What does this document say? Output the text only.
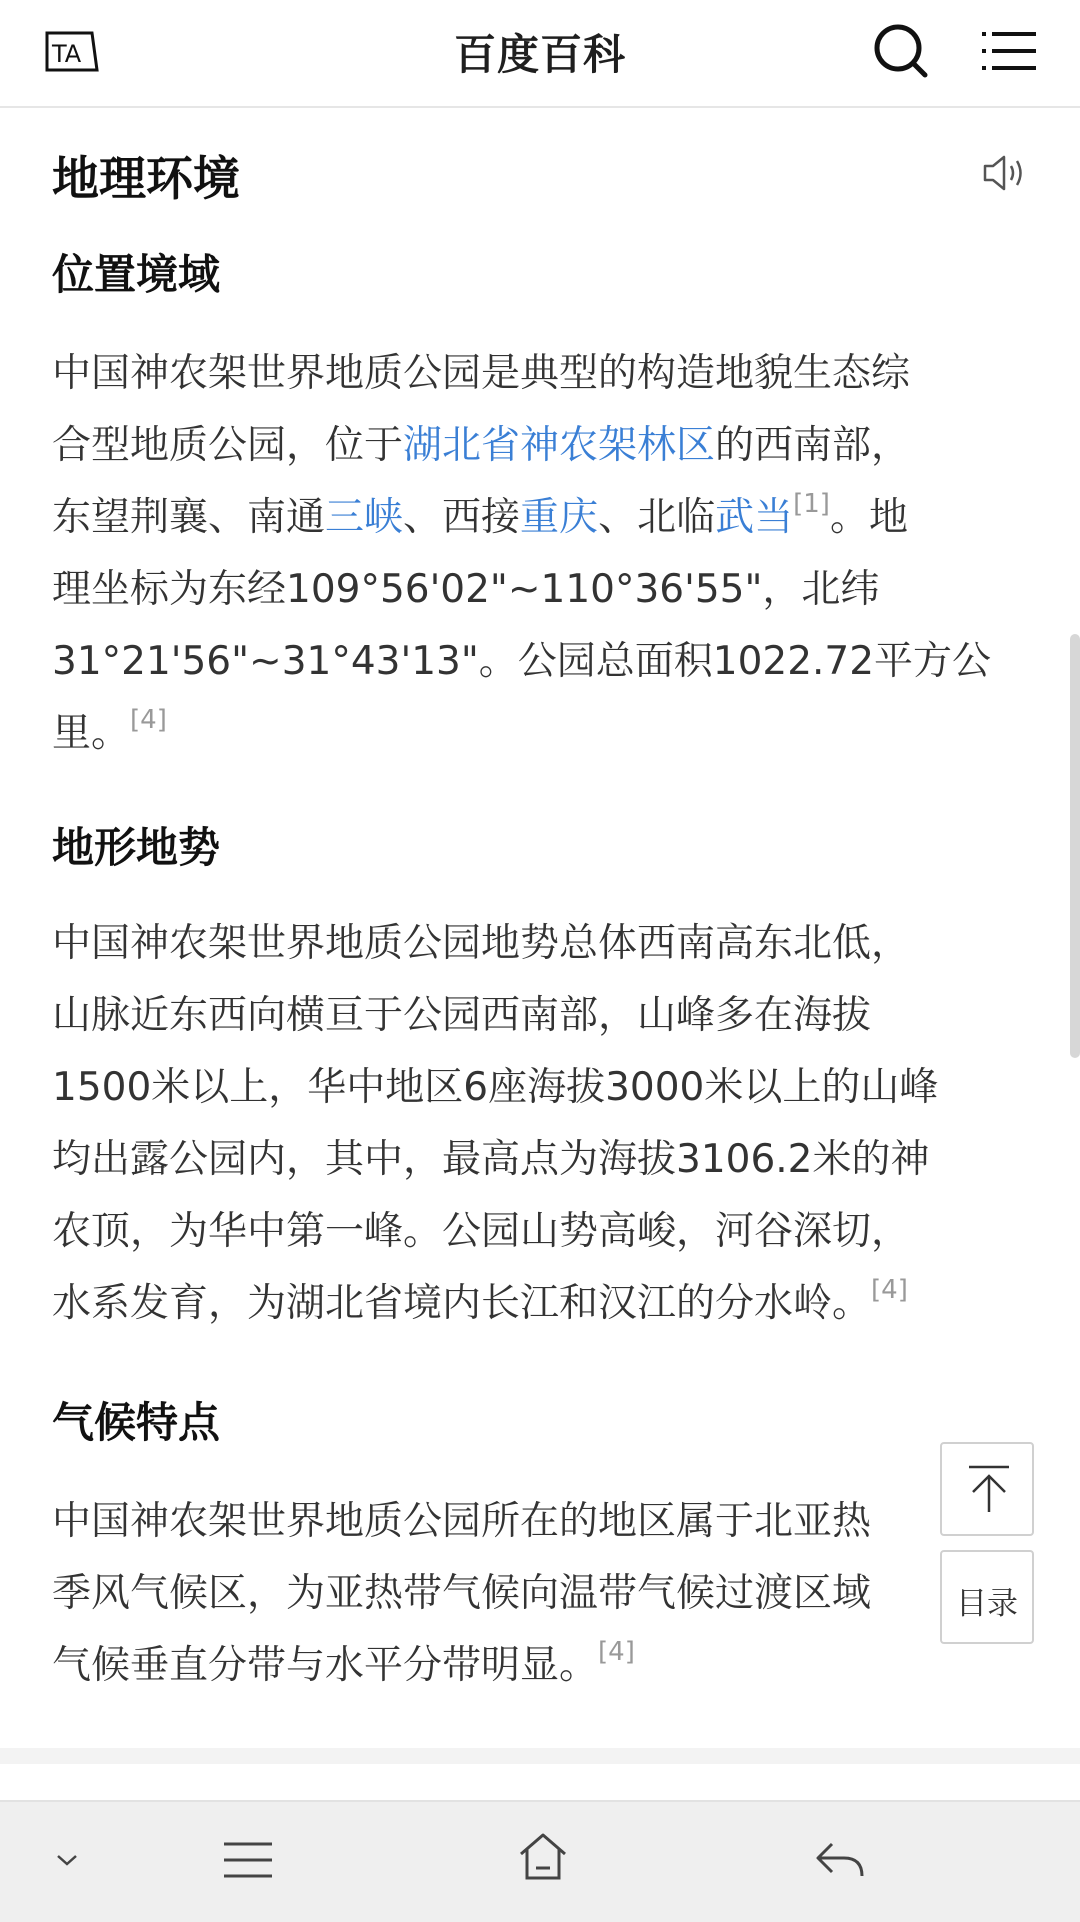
TA	百度百科
地理环境
位置境域
中国神农架世界地质公园是典型的构造地貌生态综
合型地质公园，位于湖北省神农架林区的西南部，
东望荆襄、南通三峡、西接重庆、北临武当[1]。地
理坐标为东经109°56'02"~110°36'55"，北纬
31°21'56"~31°43'13"。公园总面积1022.72平方公
里。[4]
地形地势
中国神农架世界地质公园地势总体西南高东北低，
山脉近东西向横亘于公园西南部，山峰多在海拔
1500米以上，华中地区6座海拔3000米以上的山峰
均出露公园内，其中，最高点为海拔3106.2米的神
农顶，为华中第一峰。公园山势高峻，河谷深切，
水系发育，为湖北省境内长江和汉江的分水岭。[4]
气候特点
中国神农架世界地质公园所在的地区属于北亚热
季风气候区，为亚热带气候向温带气候过渡区域
气候垂直分带与水平分带明显。[4]
目录
